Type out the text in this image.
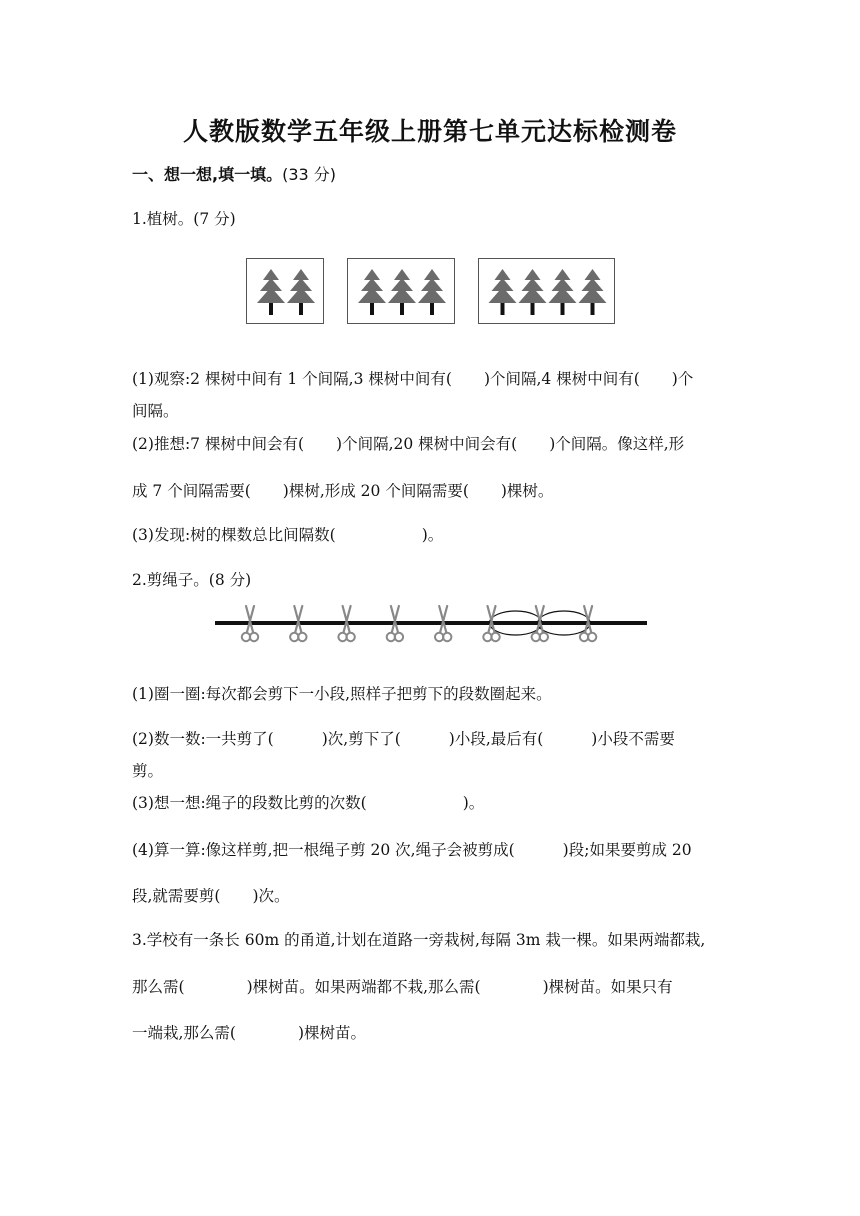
人教版数学五年级上册第七单元达标检测卷
一、想一想,填一填。(33 分)
1.植树。(7 分)
(1)观察:2 棵树中间有 1 个间隔,3 棵树中间有( )个间隔,4 棵树中间有( )个
间隔。
(2)推想:7 棵树中间会有( )个间隔,20 棵树中间会有( )个间隔。像这样,形
成 7 个间隔需要( )棵树,形成 20 个间隔需要( )棵树。
(3)发现:树的棵数总比间隔数(	)。
2.剪绳子。(8 分)
(1)圈一圈:每次都会剪下一小段,照样子把剪下的段数圈起来。
(2)数一数:一共剪了(	)次,剪下了(	)小段,最后有(	)小段不需要
剪。
(3)想一想:绳子的段数比剪的次数(	)。
(4)算一算:像这样剪,把一根绳子剪 20 次,绳子会被剪成(	)段;如果要剪成 20
段,就需要剪( )次。
3.学校有一条长 60m 的甬道,计划在道路一旁栽树,每隔 3m 栽一棵。如果两端都栽,
那么需(	)棵树苗。如果两端都不栽,那么需(	)棵树苗。如果只有
一端栽,那么需(	)棵树苗。
